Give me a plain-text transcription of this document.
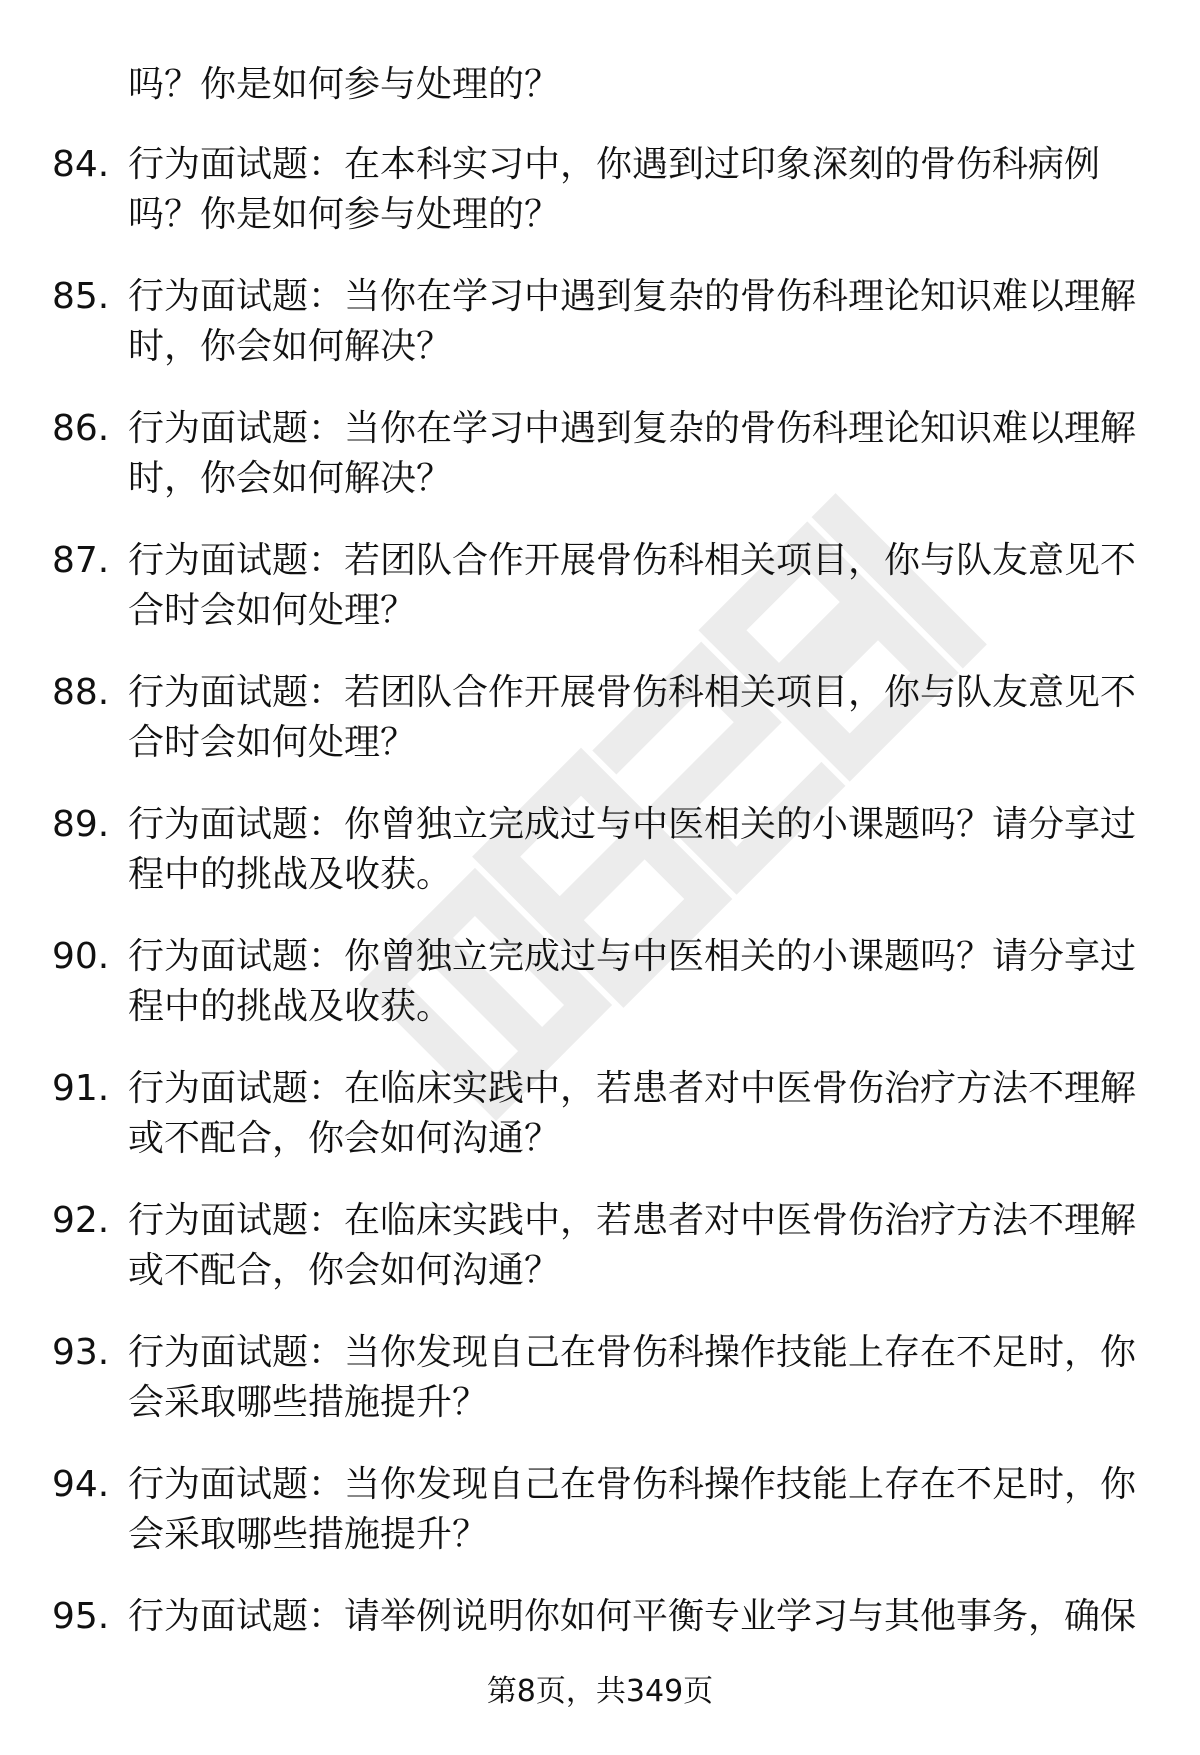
吗？你是如何参与处理的？
84. 行为面试题：在本科实习中，你遇到过印象深刻的骨伤科病例
吗？你是如何参与处理的？
85. 行为面试题：当你在学习中遇到复杂的骨伤科理论知识难以理解
时，你会如何解决？
86. 行为面试题：当你在学习中遇到复杂的骨伤科理论知识难以理解
时，你会如何解决？
87. 行为面试题：若团队合作开展骨伤科相关项目，你与队友意见不
合时会如何处理？
88. 行为面试题：若团队合作开展骨伤科相关项目，你与队友意见不
合时会如何处理？
89. 行为面试题：你曾独立完成过与中医相关的小课题吗？请分享过
程中的挑战及收获。
90. 行为面试题：你曾独立完成过与中医相关的小课题吗？请分享过
程中的挑战及收获。
91. 行为面试题：在临床实践中，若患者对中医骨伤治疗方法不理解
或不配合，你会如何沟通？
92. 行为面试题：在临床实践中，若患者对中医骨伤治疗方法不理解
或不配合，你会如何沟通？
93. 行为面试题：当你发现自己在骨伤科操作技能上存在不足时，你
会采取哪些措施提升？
94. 行为面试题：当你发现自己在骨伤科操作技能上存在不足时，你
会采取哪些措施提升？
95. 行为面试题：请举例说明你如何平衡专业学习与其他事务，确保
第8页，共349页
